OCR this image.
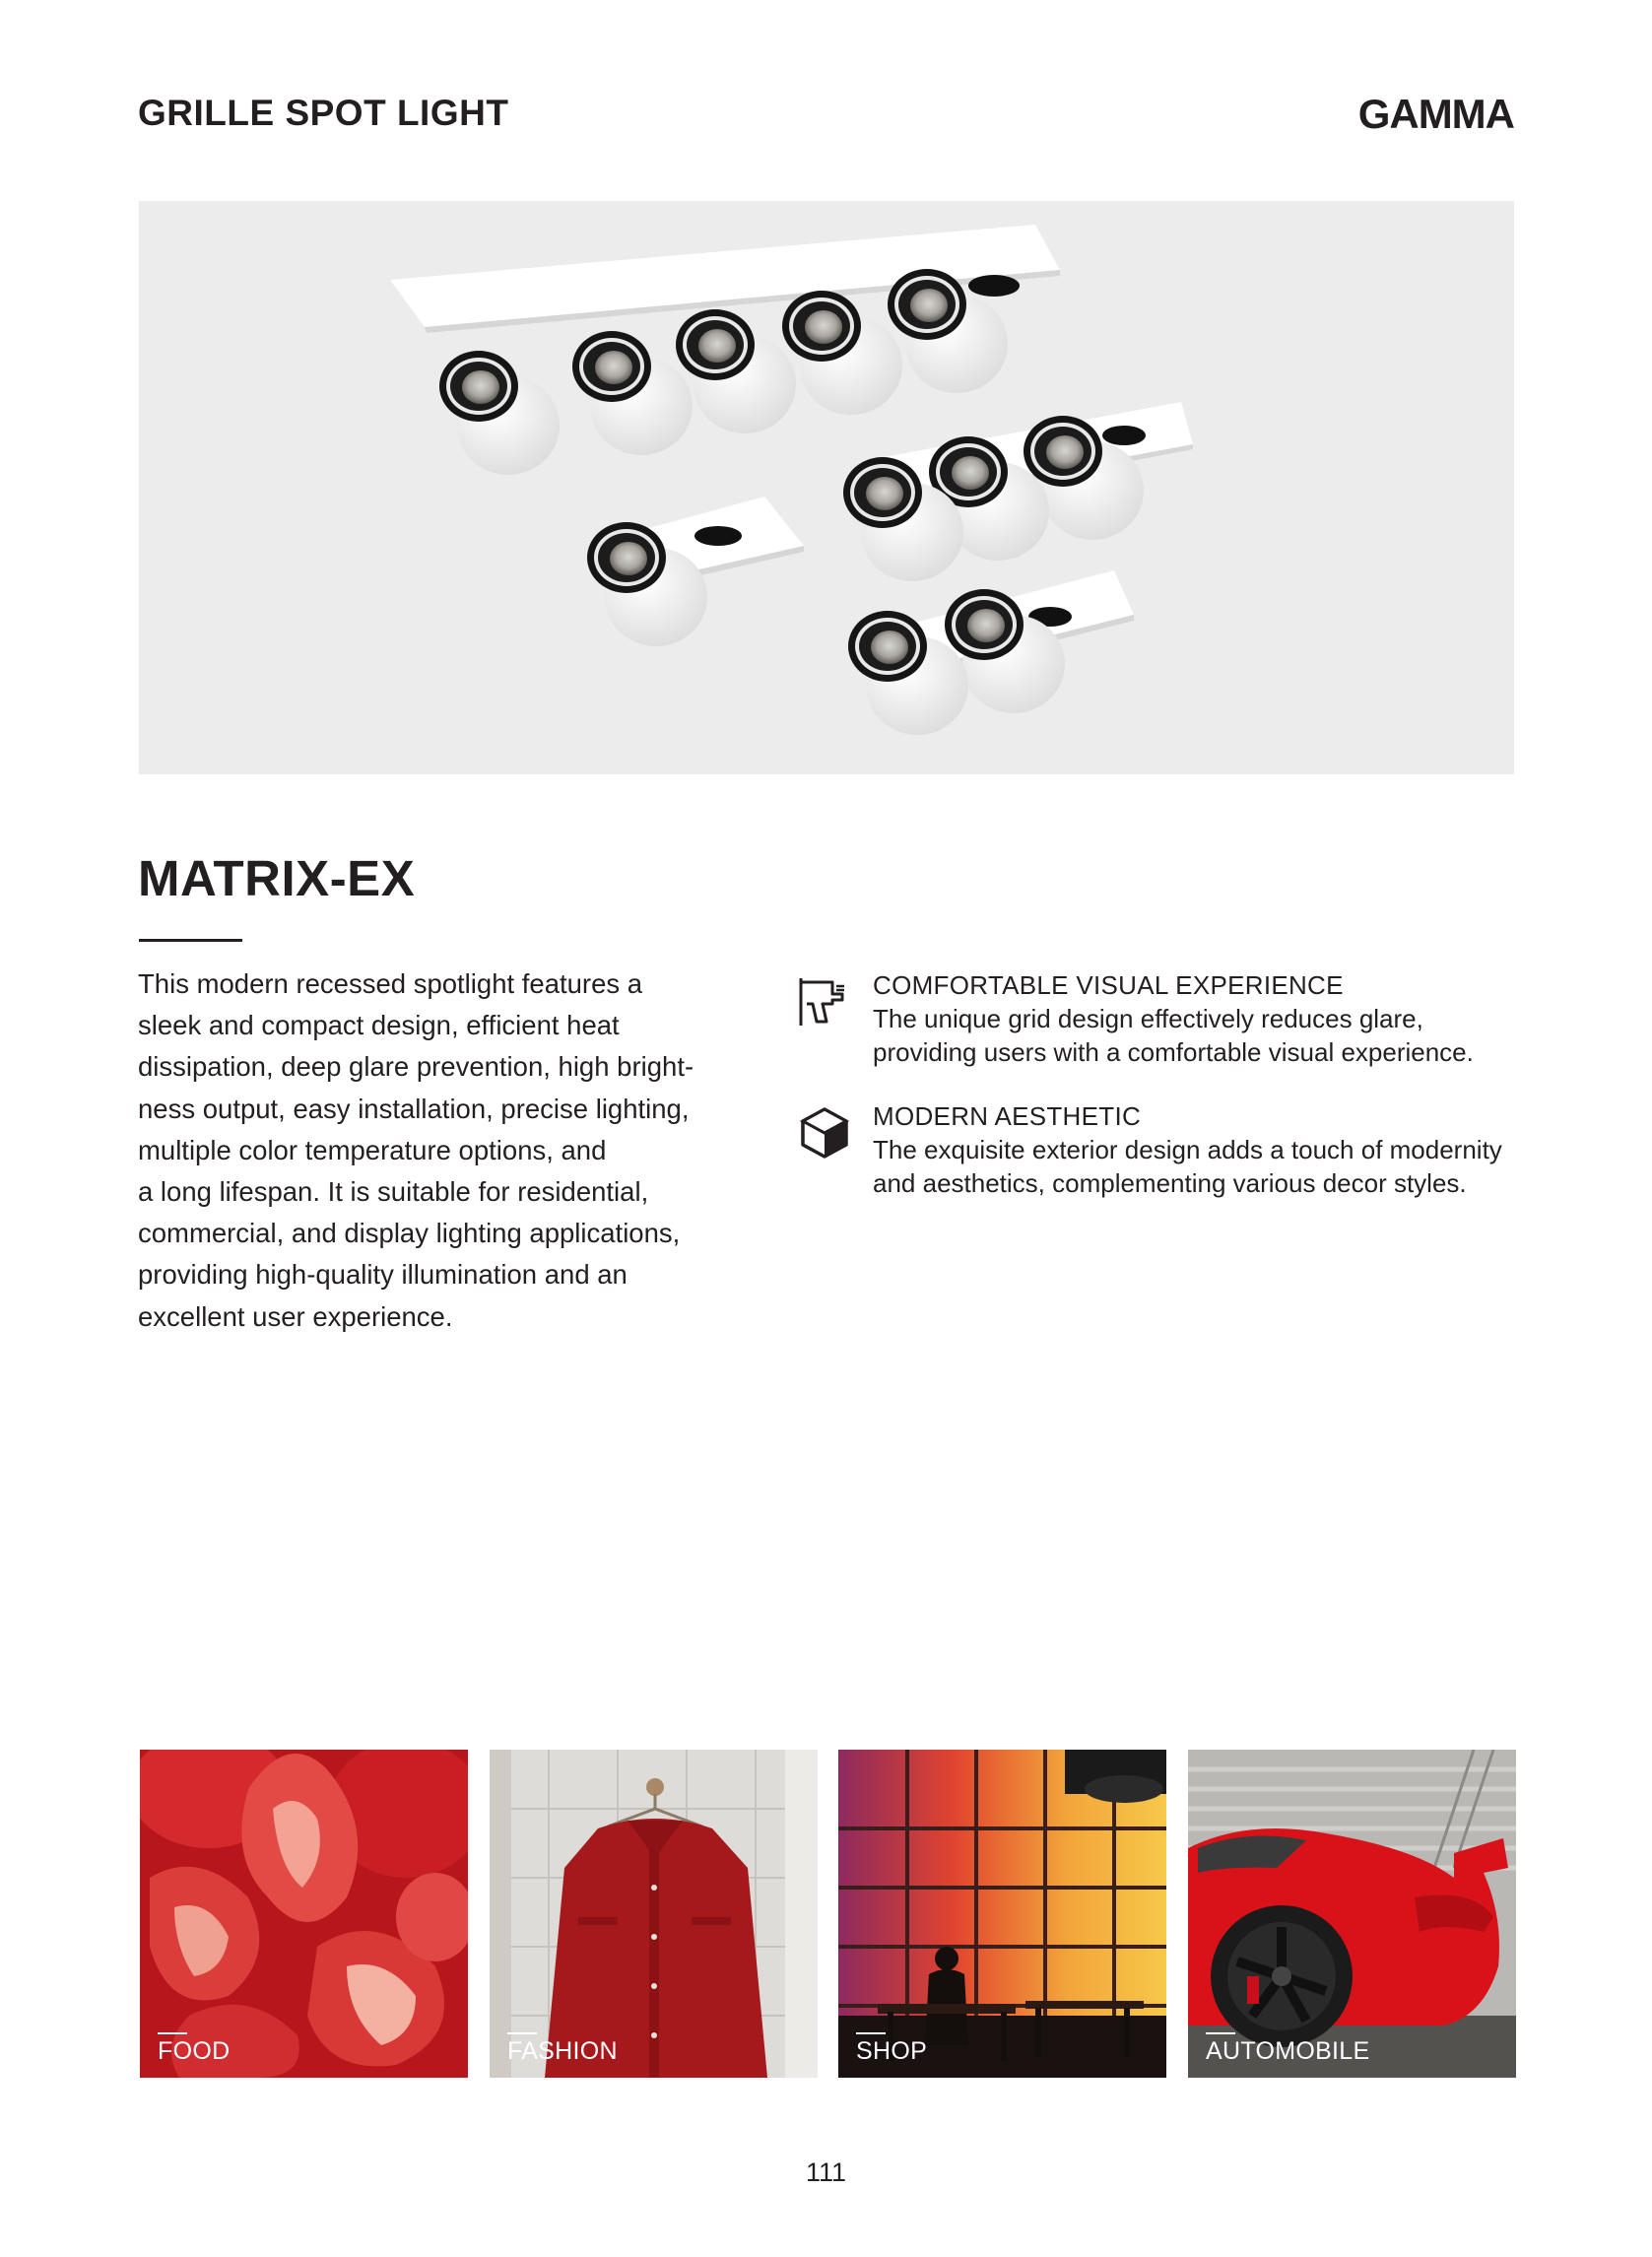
GRILLE SPOT LIGHT	GAMMA
MATRIX-EX
This modern recessed spotlight features a
sleek and compact design, efficient heat
dissipation, deep glare prevention, high bright-
ness output, easy installation, precise lighting,
multiple color temperature options, and
a long lifespan. It is suitable for residential,
commercial, and display lighting applications,
providing high-quality illumination and an
excellent user experience.
COMFORTABLE VISUAL EXPERIENCE
The unique grid design effectively reduces glare, providing users with a comfortable visual experience.
MODERN AESTHETIC
The exquisite exterior design adds a touch of modernity and aesthetics, complementing various decor styles.
FOOD	FASHION	SHOP	AUTOMOBILE
111
